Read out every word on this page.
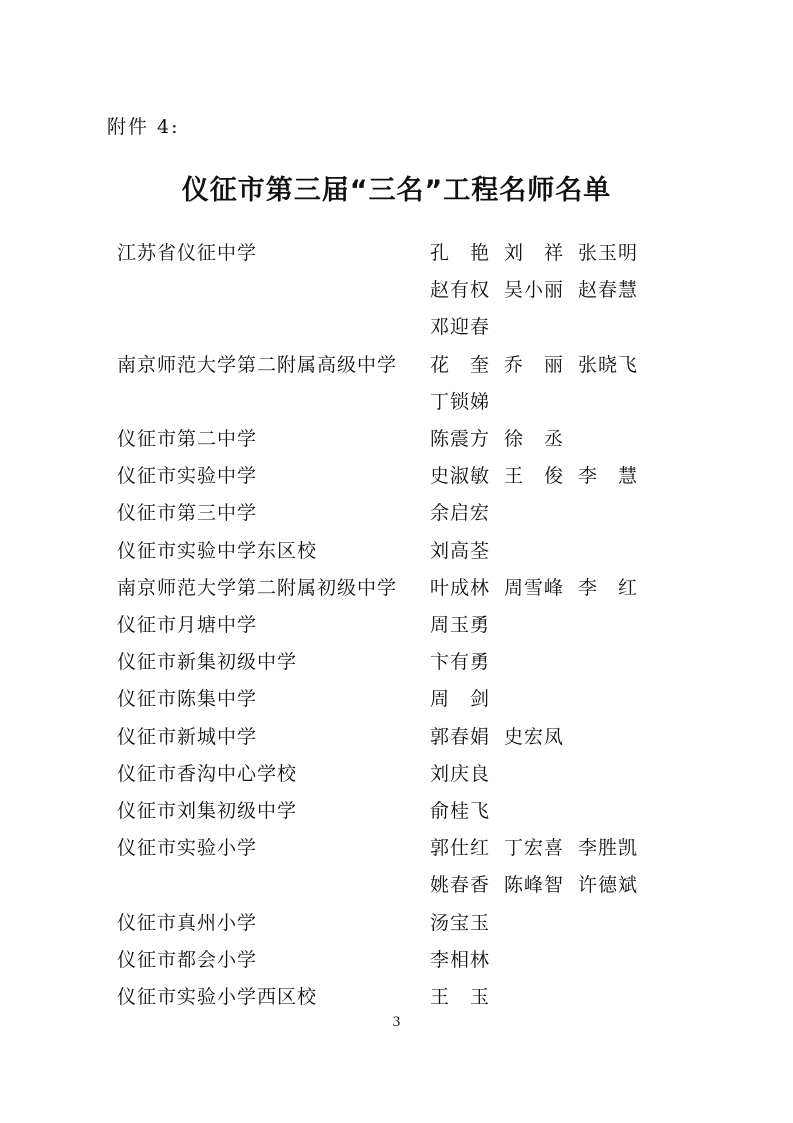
附件 4:
仪征市第三届“三名”工程名师名单
江苏省仪征中学	孔　艳 刘　祥 张玉明
赵有权 吴小丽 赵春慧
邓迎春
南京师范大学第二附属高级中学	花　奎 乔　丽 张晓飞
丁锁娣
仪征市第二中学	陈震方 徐　丞
仪征市实验中学	史淑敏 王　俊 李　慧
仪征市第三中学	余启宏
仪征市实验中学东区校	刘高荃
南京师范大学第二附属初级中学	叶成林 周雪峰 李　红
仪征市月塘中学	周玉勇
仪征市新集初级中学	卞有勇
仪征市陈集中学	周　剑
仪征市新城中学	郭春娟 史宏凤
仪征市香沟中心学校	刘庆良
仪征市刘集初级中学	俞桂飞
仪征市实验小学	郭仕红 丁宏喜 李胜凯
姚春香 陈峰智 许德斌
仪征市真州小学	汤宝玉
仪征市都会小学	李相林
仪征市实验小学西区校	王　玉
3
